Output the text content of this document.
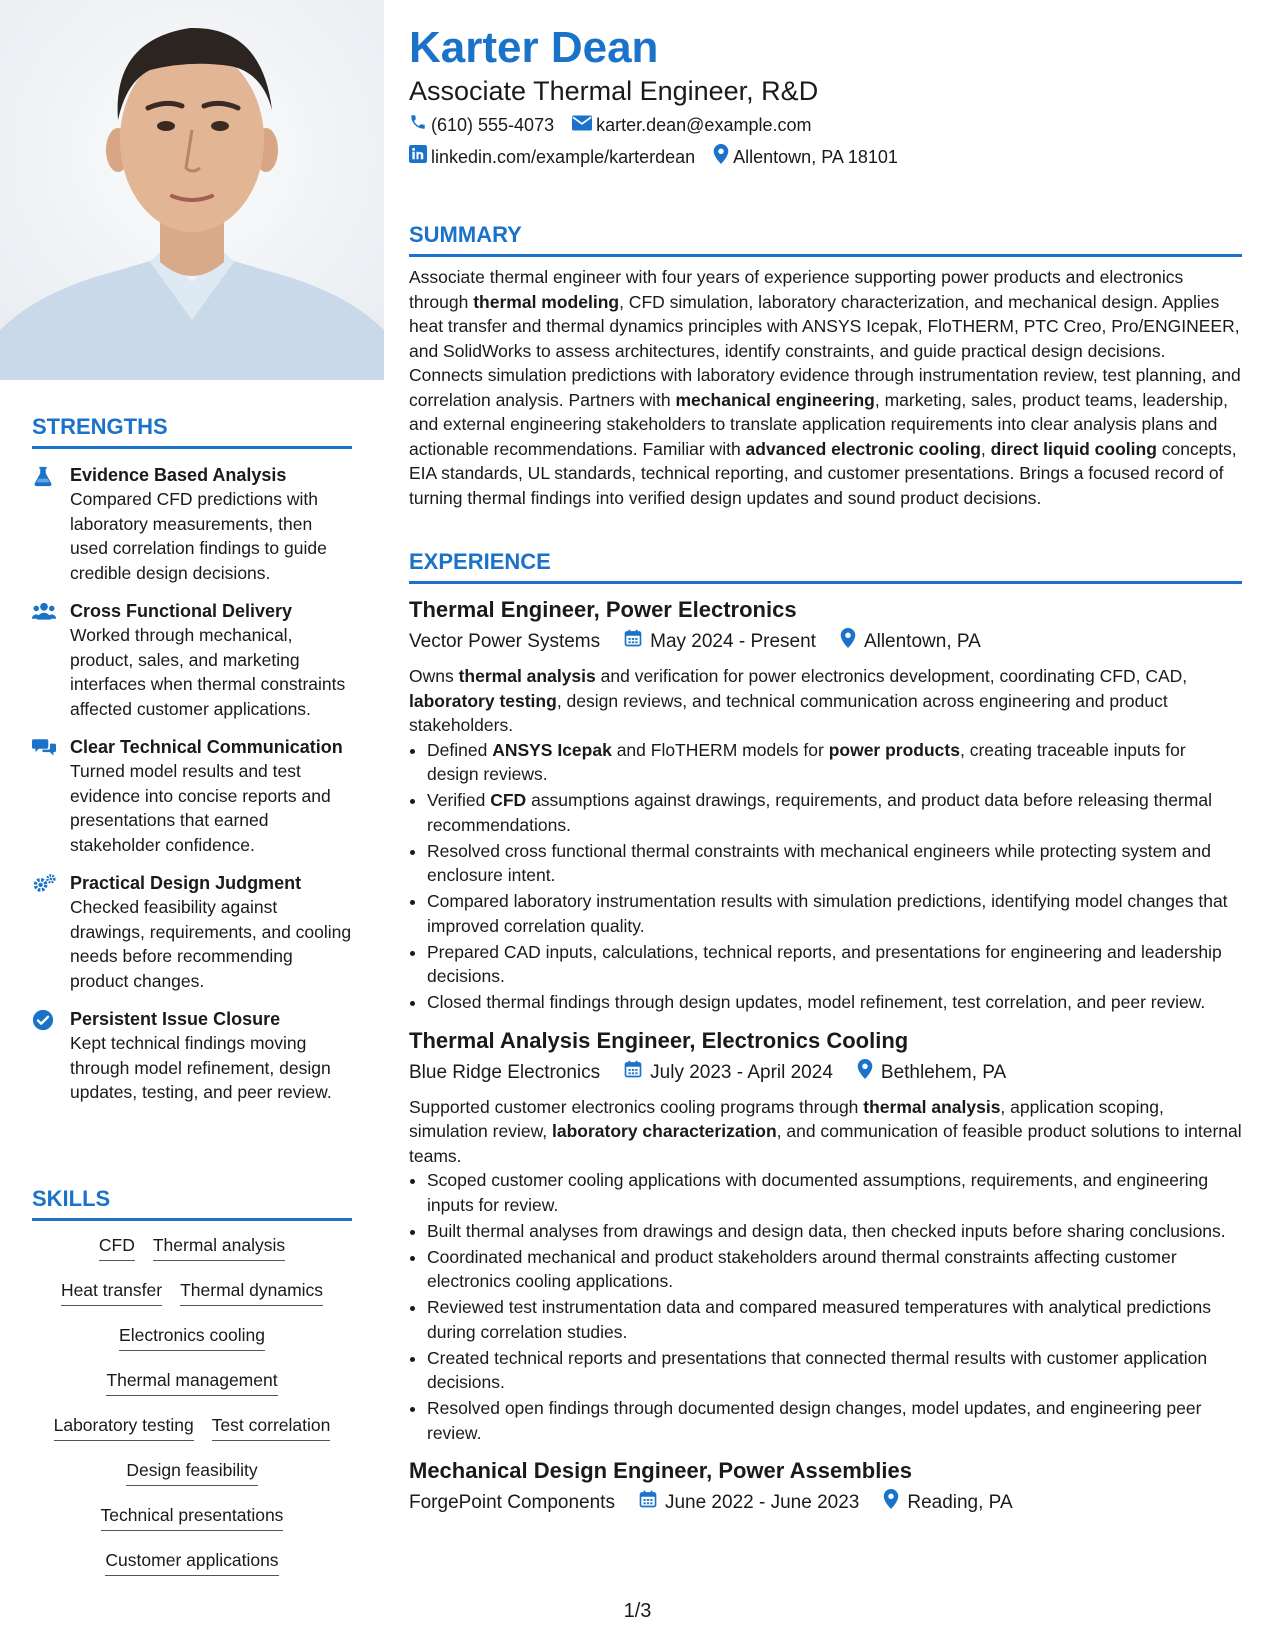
STRENGTHS
Evidence Based Analysis
Compared CFD predictions with laboratory measurements, then used correlation findings to guide credible design decisions.
Cross Functional Delivery
Worked through mechanical, product, sales, and marketing interfaces when thermal constraints affected customer applications.
Clear Technical Communication
Turned model results and test evidence into concise reports and presentations that earned stakeholder confidence.
Practical Design Judgment
Checked feasibility against drawings, requirements, and cooling needs before recommending product changes.
Persistent Issue Closure
Kept technical findings moving through model refinement, design updates, testing, and peer review.
SKILLS
CFD Thermal analysis
Heat transfer Thermal dynamics
Electronics cooling
Thermal management
Laboratory testing Test correlation
Design feasibility
Technical presentations
Customer applications
Karter Dean
Associate Thermal Engineer, R&D
(610) 555-4073 karter.dean@example.com
linkedin.com/example/karterdean Allentown, PA 18101
SUMMARY

Associate thermal engineer with four years of experience supporting power products and electronics through thermal modeling, CFD simulation, laboratory characterization, and mechanical design. Applies heat transfer and thermal dynamics principles with ANSYS Icepak, FloTHERM, PTC Creo, Pro/ENGINEER, and SolidWorks to assess architectures, identify constraints, and guide practical design decisions. Connects simulation predictions with laboratory evidence through instrumentation review, test planning, and correlation analysis. Partners with mechanical engineering, marketing, sales, product teams, leadership, and external engineering stakeholders to translate application requirements into clear analysis plans and actionable recommendations. Familiar with advanced electronic cooling, direct liquid cooling concepts, EIA standards, UL standards, technical reporting, and customer presentations. Brings a focused record of turning thermal findings into verified design updates and sound product decisions.

EXPERIENCE
Thermal Engineer, Power Electronics
Vector Power Systems	May 2024 - Present	Allentown, PA

Owns thermal analysis and verification for power electronics development, coordinating CFD, CAD, laboratory testing, design reviews, and technical communication across engineering and product stakeholders.

• Defined ANSYS Icepak and FloTHERM models for power products, creating traceable inputs for design reviews.
• Verified CFD assumptions against drawings, requirements, and product data before releasing thermal recommendations.
• Resolved cross functional thermal constraints with mechanical engineers while protecting system and enclosure intent.
• Compared laboratory instrumentation results with simulation predictions, identifying model changes that improved correlation quality.
• Prepared CAD inputs, calculations, technical reports, and presentations for engineering and leadership decisions.
• Closed thermal findings through design updates, model refinement, test correlation, and peer review.
Thermal Analysis Engineer, Electronics Cooling
Blue Ridge Electronics	July 2023 - April 2024	Bethlehem, PA

Supported customer electronics cooling programs through thermal analysis, application scoping, simulation review, laboratory characterization, and communication of feasible product solutions to internal teams.

• Scoped customer cooling applications with documented assumptions, requirements, and engineering inputs for review.
• Built thermal analyses from drawings and design data, then checked inputs before sharing conclusions.
• Coordinated mechanical and product stakeholders around thermal constraints affecting customer electronics cooling applications.
• Reviewed test instrumentation data and compared measured temperatures with analytical predictions during correlation studies.
• Created technical reports and presentations that connected thermal results with customer application decisions.
• Resolved open findings through documented design changes, model updates, and engineering peer review.
Mechanical Design Engineer, Power Assemblies
ForgePoint Components	June 2022 - June 2023	Reading, PA
1/3
